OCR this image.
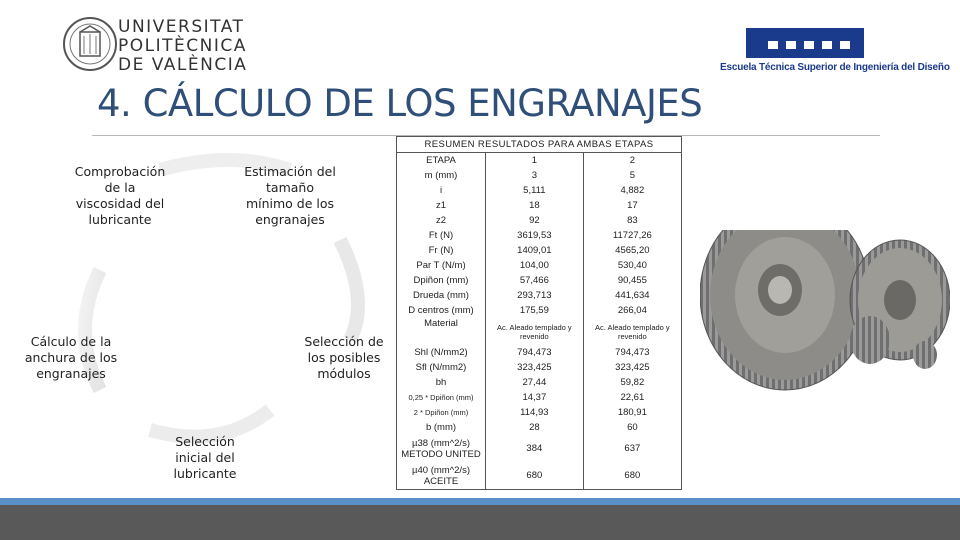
UNIVERSITAT
POLITÈCNICA
DE VALÈNCIA	Escuela Técnica Superior de Ingeniería del Diseño
4. CÁLCULO DE LOS ENGRANAJES
Comprobación
de la
viscosidad del
lubricante
Estimación del
tamaño
mínimo de los
engranajes
Cálculo de la
anchura de los
engranajes
Selección de
los posibles
módulos
Selección
inicial del
lubricante
RESUMEN RESULTADOS PARA AMBAS ETAPAS		
ETAPA	1	2
m (mm)	3	5
i	5,111	4,882
z1	18	17
z2	92	83
Ft (N)	3619,53	11727,26
Fr (N)	1409,01	4565,20
Par T (N/m)	104,00	530,40
Dpiñon (mm)	57,466	90,455
Drueda (mm)	293,713	441,634
D centros (mm)	175,59	266,04
Material	Ac. Aleado templado y revenido	Ac. Aleado templado y revenido
Shl (N/mm2)	794,473	794,473
Sfl (N/mm2)	323,425	323,425
bh	27,44	59,82
0,25 * Dpiñon (mm)	14,37	22,61
2 * Dpiñon (mm)	114,93	180,91
b (mm)	28	60
µ38 (mm^2/s) METODO UNITED	384	637
µ40 (mm^2/s) ACEITE	680	680
